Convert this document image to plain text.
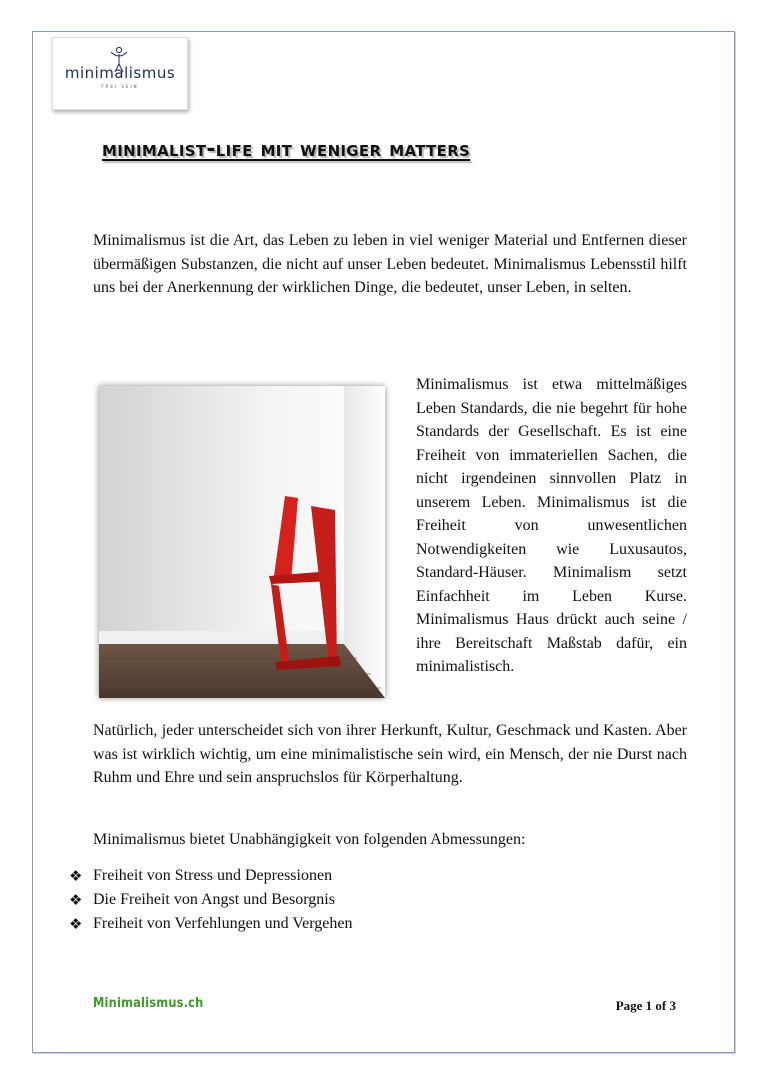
minimalismus
FREI SEIN
minimalist-life mit weniger matters

Minimalismus ist die Art, das Leben zu leben in viel weniger Material und Entfernen dieser übermäßigen Substanzen, die nicht auf unser Leben bedeutet. Minimalismus Lebensstil hilft uns bei der Anerkennung der wirklichen Dinge, die bedeutet, unser Leben, in selten.

Minimalismus ist etwa mittelmäßiges Leben Standards, die nie begehrt für hohe Standards der Gesellschaft. Es ist eine Freiheit von immateriellen Sachen, die nicht irgendeinen sinnvollen Platz in unserem Leben. Minimalismus ist die Freiheit von unwesentlichen Notwendigkeiten wie Luxusautos, Standard-Häuser. Minimalism setzt Einfachheit im Leben Kurse. Minimalismus Haus drückt auch seine / ihre Bereitschaft Maßstab dafür, ein minimalistisch.

Natürlich, jeder unterscheidet sich von ihrer Herkunft, Kultur, Geschmack und Kasten. Aber was ist wirklich wichtig, um eine minimalistische sein wird, ein Mensch, der nie Durst nach Ruhm und Ehre und sein anspruchslos für Körperhaltung.

Minimalismus bietet Unabhängigkeit von folgenden Abmessungen:

❖ Freiheit von Stress und Depressionen
❖ Die Freiheit von Angst und Besorgnis
❖ Freiheit von Verfehlungen und Vergehen
Minimalismus.ch	Page 1 of 3
